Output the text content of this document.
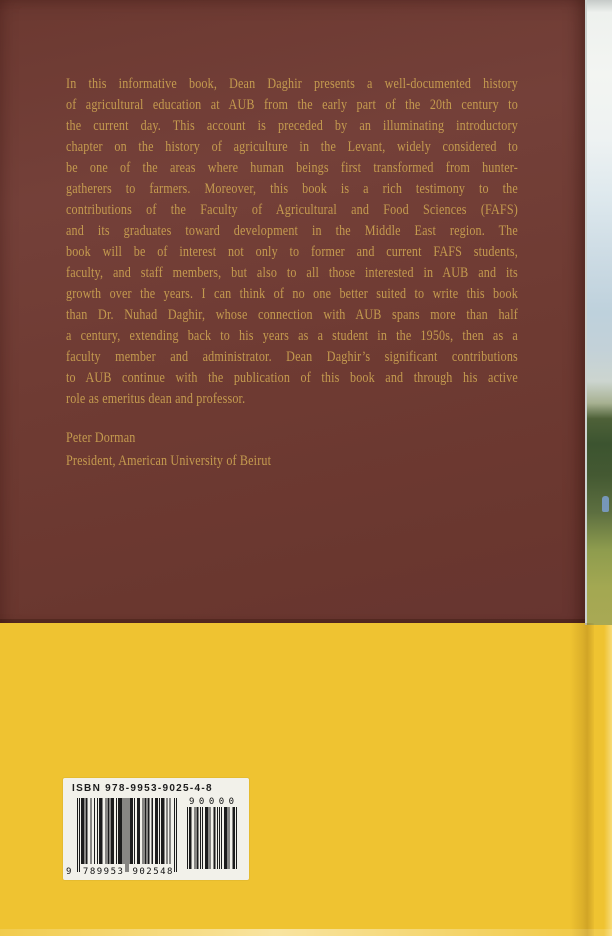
In this informative book, Dean Daghir presents a well-documented history
of agricultural education at AUB from the early part of the 20th century to
the current day. This account is preceded by an illuminating introductory
chapter on the history of agriculture in the Levant, widely considered to
be one of the areas where human beings first transformed from hunter-
gatherers to farmers. Moreover, this book is a rich testimony to the
contributions of the Faculty of Agricultural and Food Sciences (FAFS)
and its graduates toward development in the Middle East region. The
book will be of interest not only to former and current FAFS students,
faculty, and staff members, but also to all those interested in AUB and its
growth over the years. I can think of no one better suited to write this book
than Dr. Nuhad Daghir, whose connection with AUB spans more than half
a century, extending back to his years as a student in the 1950s, then as a
faculty member and administrator. Dean Daghir’s significant contributions
to AUB continue with the publication of this book and through his active
role as emeritus dean and professor.
Peter Dorman
President, American University of Beirut
ISBN 978-9953-9025-4-8
9 789953 902548
90000
